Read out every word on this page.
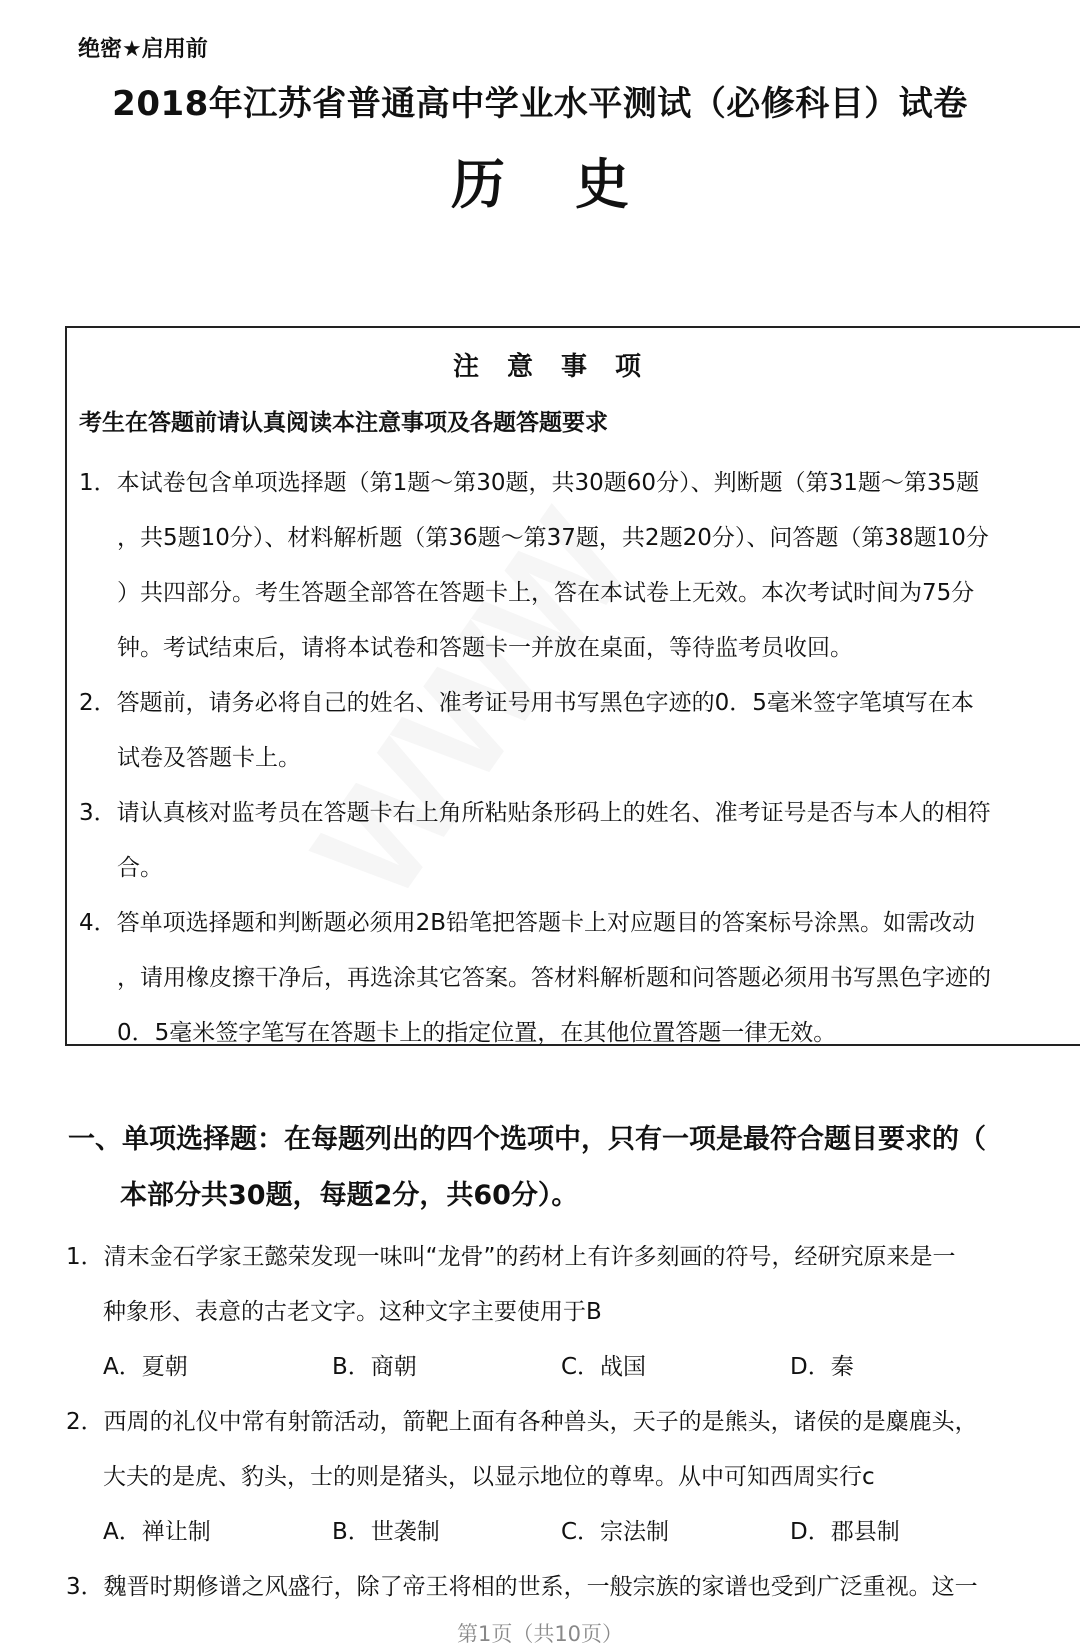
绝密★启用前
2018年江苏省普通高中学业水平测试（必修科目）试卷
历史
注意事项
考生在答题前请认真阅读本注意事项及各题答题要求
1．本试卷包含单项选择题（第1题～第30题，共30题60分）、判断题（第31题～第35题
，共5题10分）、材料解析题（第36题～第37题，共2题20分）、问答题（第38题10分
）共四部分。考生答题全部答在答题卡上，答在本试卷上无效。本次考试时间为75分
钟。考试结束后，请将本试卷和答题卡一并放在桌面，等待监考员收回。
2．答题前，请务必将自己的姓名、准考证号用书写黑色字迹的0．5毫米签字笔填写在本
试卷及答题卡上。
3．请认真核对监考员在答题卡右上角所粘贴条形码上的姓名、准考证号是否与本人的相符
合。
4．答单项选择题和判断题必须用2B铅笔把答题卡上对应题目的答案标号涂黑。如需改动
，请用橡皮擦干净后，再选涂其它答案。答材料解析题和问答题必须用书写黑色字迹的
0．5毫米签字笔写在答题卡上的指定位置，在其他位置答题一律无效。
一、单项选择题：在每题列出的四个选项中，只有一项是最符合题目要求的（
本部分共30题，每题2分，共60分）。
1．清末金石学家王懿荣发现一味叫“龙骨”的药材上有许多刻画的符号，经研究原来是一
种象形、表意的古老文字。这种文字主要使用于B
A．夏朝	B．商朝	C．战国	D．秦
2．西周的礼仪中常有射箭活动，箭靶上面有各种兽头，天子的是熊头，诸侯的是麋鹿头，
大夫的是虎、豹头，士的则是猪头，以显示地位的尊卑。从中可知西周实行c
A．禅让制	B．世袭制	C．宗法制	D．郡县制
3．魏晋时期修谱之风盛行，除了帝王将相的世系，一般宗族的家谱也受到广泛重视。这一
第1页（共10页）
